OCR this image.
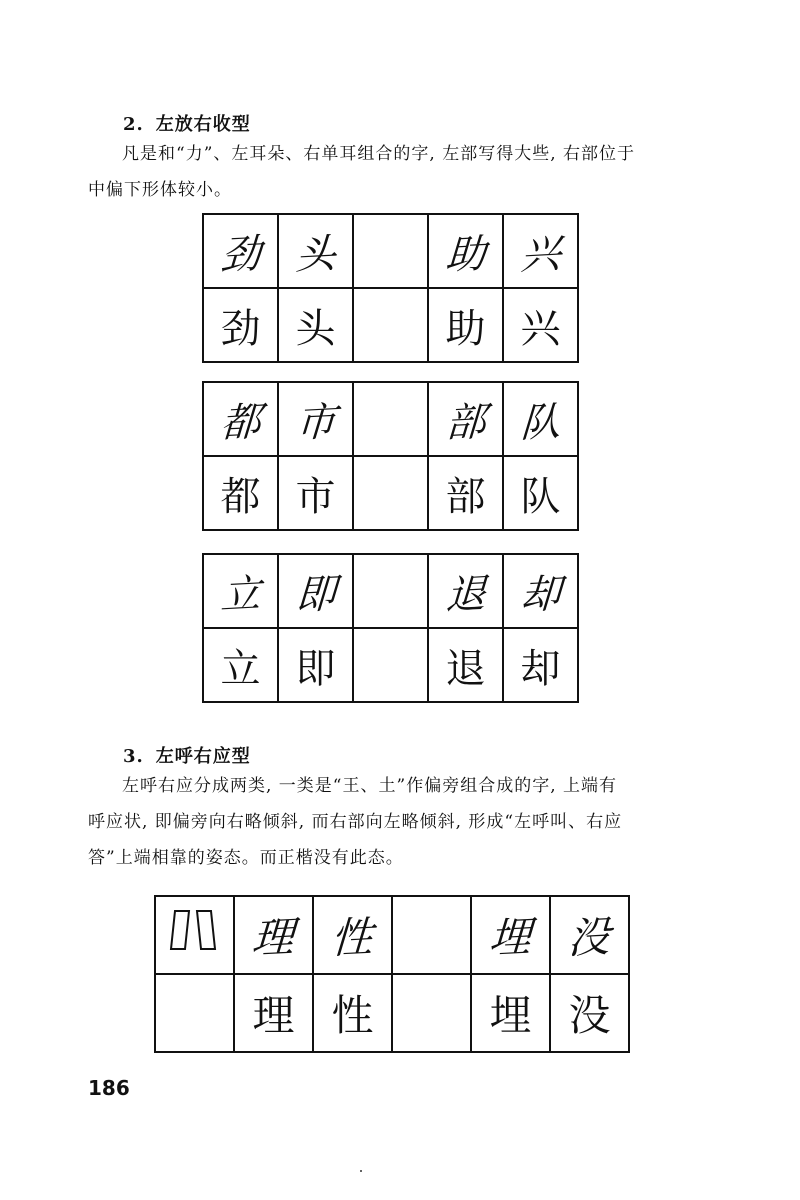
2. 左放右收型
凡是和“力”、左耳朵、右单耳组合的字, 左部写得大些, 右部位于
中偏下形体较小。
劲	头		助	兴
劲	头		助	兴
都	市		部	队
都	市		部	队
立	即		退	却
立	即		退	却
3. 左呼右应型
左呼右应分成两类, 一类是“王、土”作偏旁组合成的字, 上端有
呼应状, 即偏旁向右略倾斜, 而右部向左略倾斜, 形成“左呼叫、右应
答”上端相靠的姿态。而正楷没有此态。
	理	性		埋	没
	理	性		埋	没
186
